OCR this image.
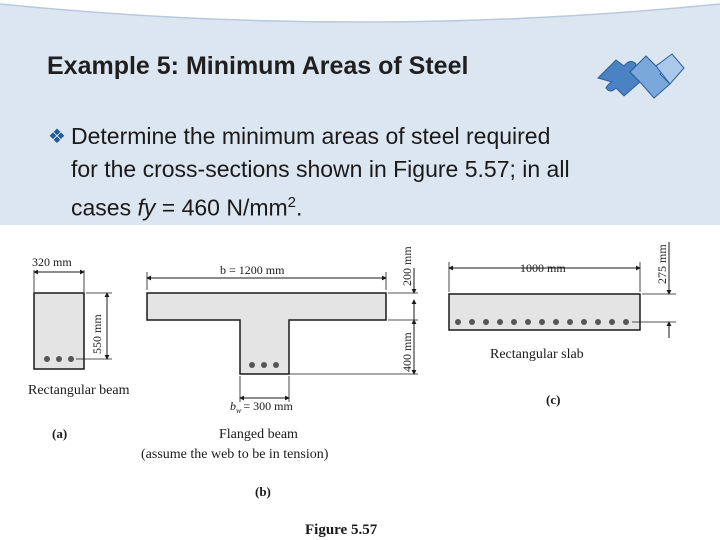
Example 5: Minimum Areas of Steel
❖ Determine the minimum areas of steel required

for the cross-sections shown in Figure 5.57; in all

cases fy = 460 $N/mm^2$.

320 mm
550 mm
Rectangular beam
(a)
b = 1200 mm	200 mm
400 mm
$b_w = 300$ mm
Flanged beam
(assume the web to be in tension)
(b)
1000 mm	275 mm
Rectangular slab
(c)
Figure 5.57
